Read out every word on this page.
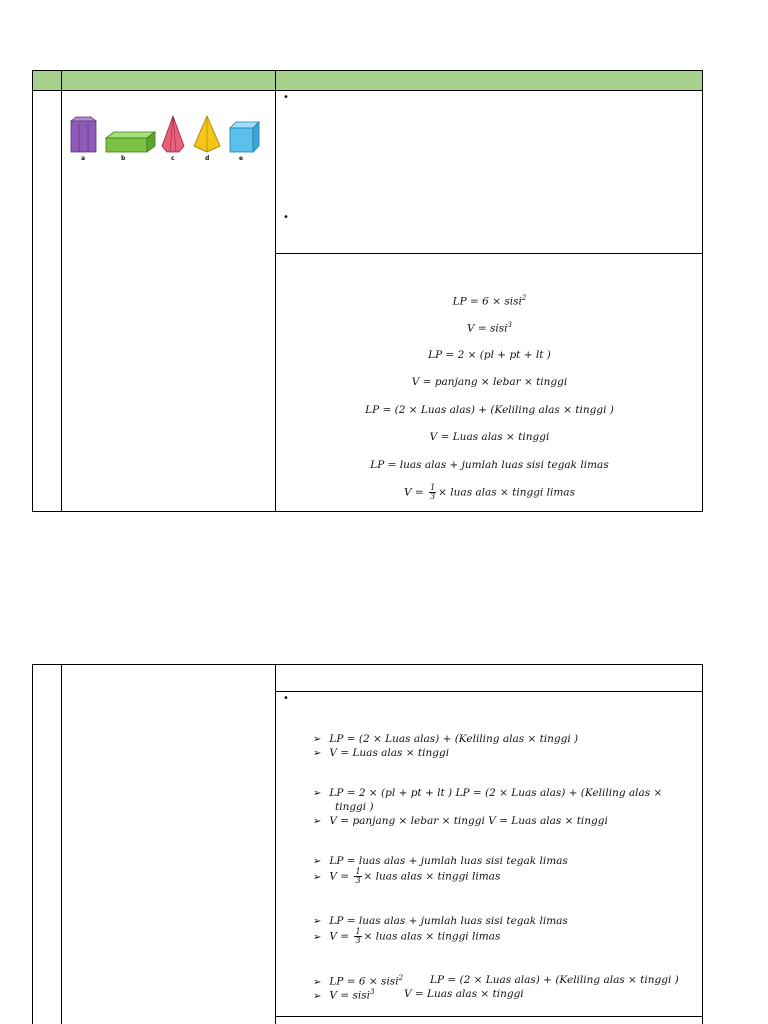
a	b	c	d	e
•
•
LP = 6 × sisi$^2$
V = sisi$^3$
LP = 2 × (pl + pt + lt )
V = panjang × lebar × tinggi
LP = (2 × Luas alas) + (Keliling alas × tinggi )
V = Luas alas × tinggi
LP = luas alas + jumlah luas sisi tegak limas
$V = \frac{1}{3}$ × luas alas × tinggi limas
•
➢ LP = (2 × Luas alas) + (Keliling alas × tinggi )
➢ V = Luas alas × tinggi
➢ LP = 2 × (pl + pt + lt ) LP = (2 × Luas alas) + (Keliling alas ×
tinggi )
➢ V = panjang × lebar × tinggi V = Luas alas × tinggi
➢ LP = luas alas + jumlah luas sisi tegak limas
➢ $V = \frac{1}{3}$ × luas alas × tinggi limas
➢ LP = luas alas + jumlah luas sisi tegak limas
➢ $V = \frac{1}{3}$ × luas alas × tinggi limas
➢ LP = 6 × sisi$^2$	LP = (2 × Luas alas) + (Keliling alas × tinggi )
➢ V = sisi$^3$	V = Luas alas × tinggi
